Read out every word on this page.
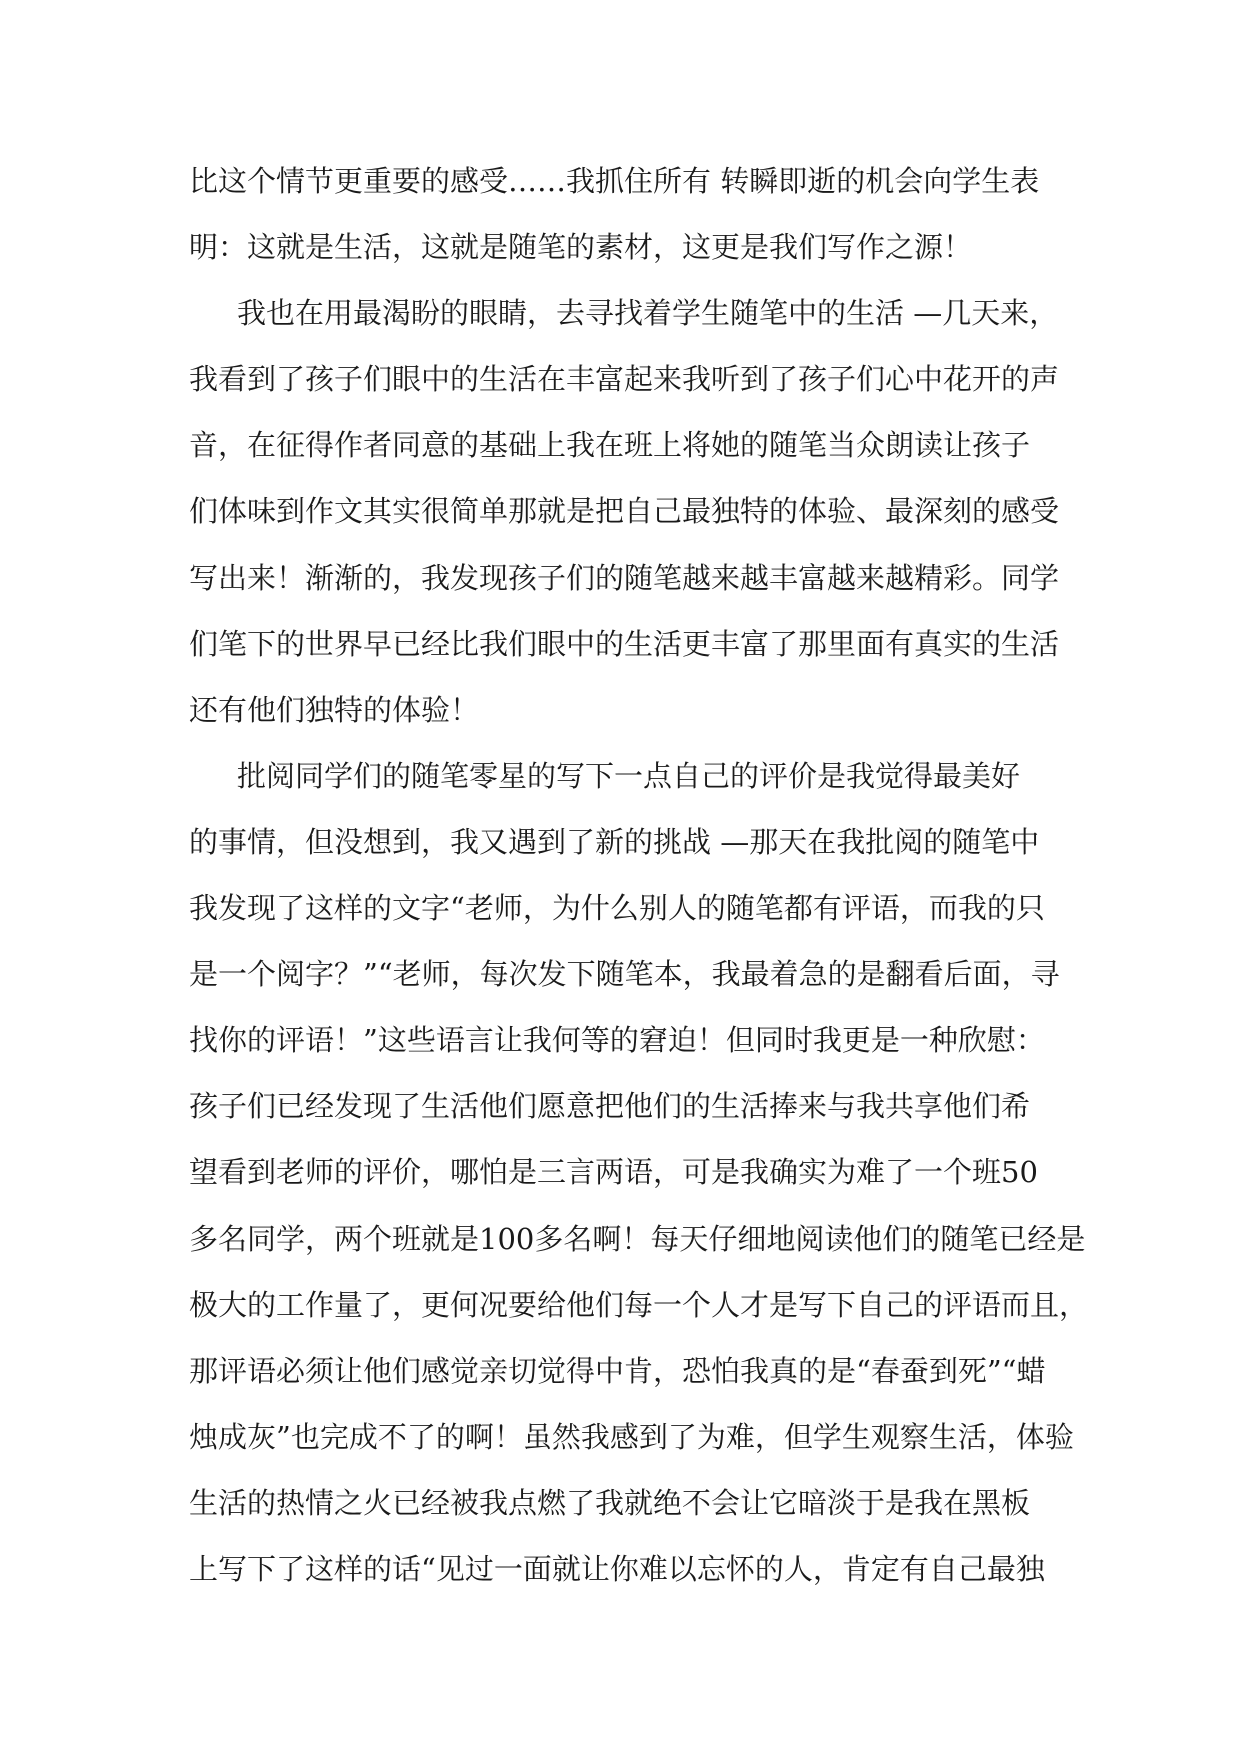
比这个情节更重要的感受……我抓住所有 转瞬即逝的机会向学生表
明：这就是生活，这就是随笔的素材，这更是我们写作之源！
我也在用最渴盼的眼睛，去寻找着学生随笔中的生活 —几天来，
我看到了孩子们眼中的生活在丰富起来我听到了孩子们心中花开的声
音，在征得作者同意的基础上我在班上将她的随笔当众朗读让孩子
们体味到作文其实很简单那就是把自己最独特的体验、最深刻的感受
写出来！渐渐的，我发现孩子们的随笔越来越丰富越来越精彩。同学
们笔下的世界早已经比我们眼中的生活更丰富了那里面有真实的生活
还有他们独特的体验！
批阅同学们的随笔零星的写下一点自己的评价是我觉得最美好
的事情，但没想到，我又遇到了新的挑战 —那天在我批阅的随笔中
我发现了这样的文字“老师，为什么别人的随笔都有评语，而我的只
是一个阅字？”“老师，每次发下随笔本，我最着急的是翻看后面，寻
找你的评语！”这些语言让我何等的窘迫！但同时我更是一种欣慰：
孩子们已经发现了生活他们愿意把他们的生活捧来与我共享他们希
望看到老师的评价，哪怕是三言两语，可是我确实为难了一个班50
多名同学，两个班就是100多名啊！每天仔细地阅读他们的随笔已经是
极大的工作量了，更何况要给他们每一个人才是写下自己的评语而且，
那评语必须让他们感觉亲切觉得中肯，恐怕我真的是“春蚕到死”“蜡
烛成灰”也完成不了的啊！虽然我感到了为难，但学生观察生活，体验
生活的热情之火已经被我点燃了我就绝不会让它暗淡于是我在黑板
上写下了这样的话“见过一面就让你难以忘怀的人，肯定有自己最独
